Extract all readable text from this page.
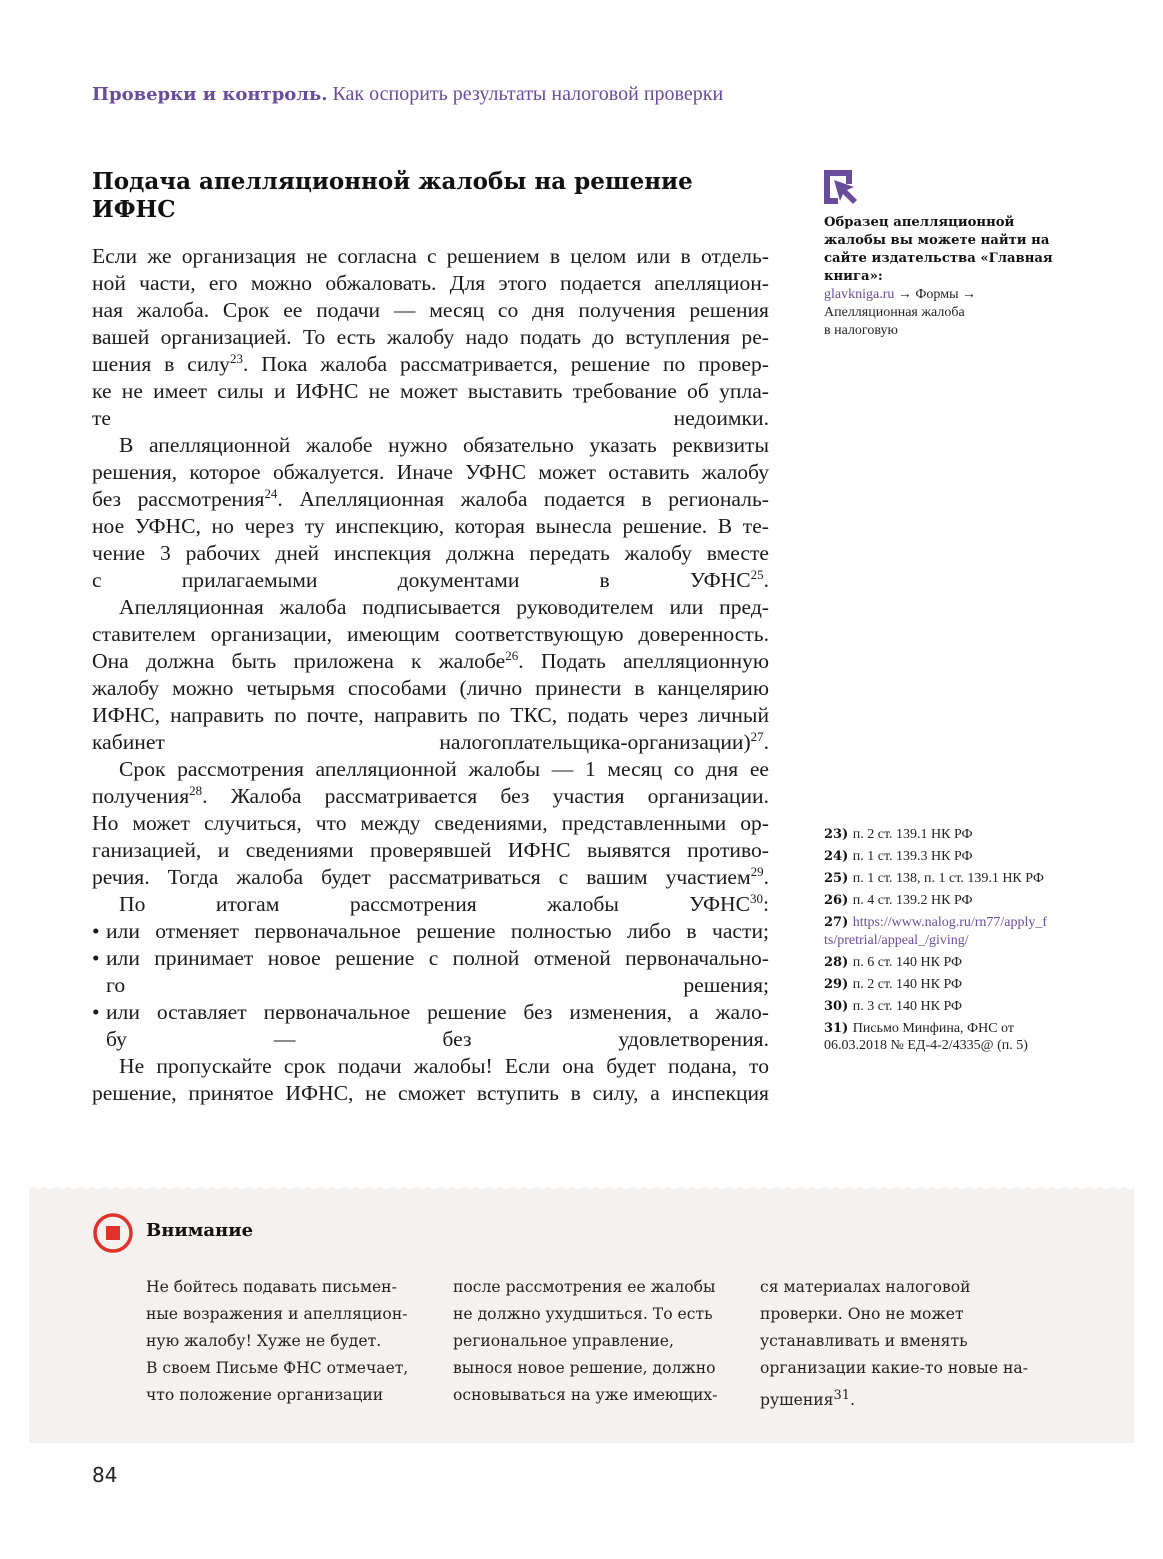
Проверки и контроль. Как оспорить результаты налоговой проверки
Подача апелляционной жалобы на решение
ИФНС
Если же организация не согласна с решением в целом или в отдель-
ной части, его можно обжаловать. Для этого подается апелляцион-
ная жалоба. Срок ее подачи — месяц со дня получения решения
вашей организацией. То есть жалобу надо подать до вступления ре-
шения в силу$^{23}$. Пока жалоба рассматривается, решение по провер-
ке не имеет силы и ИФНС не может выставить требование об упла-
те недоимки.
В апелляционной жалобе нужно обязательно указать реквизиты
решения, которое обжалуется. Иначе УФНС может оставить жалобу
без рассмотрения$^{24}$. Апелляционная жалоба подается в региональ-
ное УФНС, но через ту инспекцию, которая вынесла решение. В те-
чение 3 рабочих дней инспекция должна передать жалобу вместе
с прилагаемыми документами в УФНС$^{25}$.
Апелляционная жалоба подписывается руководителем или пред-
ставителем организации, имеющим соответствующую доверенность.
Она должна быть приложена к жалобе$^{26}$. Подать апелляционную
жалобу можно четырьмя способами (лично принести в канцелярию
ИФНС, направить по почте, направить по ТКС, подать через личный
кабинет налогоплательщика-организации)$^{27}$.
Срок рассмотрения апелляционной жалобы — 1 месяц со дня ее
получения$^{28}$. Жалоба рассматривается без участия организации.
Но может случиться, что между сведениями, представленными ор-
ганизацией, и сведениями проверявшей ИФНС выявятся противо-
речия. Тогда жалоба будет рассматриваться с вашим участием$^{29}$.
По итогам рассмотрения жалобы УФНС$^{30}$:
• или отменяет первоначальное решение полностью либо в части;
• или принимает новое решение с полной отменой первоначально-
го решения;
• или оставляет первоначальное решение без изменения, а жало-
бу — без удовлетворения.
Не пропускайте срок подачи жалобы! Если она будет подана, то
решение, принятое ИФНС, не сможет вступить в силу, а инспекция
Образец апелляционной жалобы вы можете найти на сайте издательства «Главная книга»:
glavkniga.ru → Формы →
Апелляционная жалоба
в налоговую
23) п. 2 ст. 139.1 НК РФ
24) п. 1 ст. 139.3 НК РФ
25) п. 1 ст. 138, п. 1 ст. 139.1 НК РФ
26) п. 4 ст. 139.2 НК РФ
27) https://www.nalog.ru/rn77/apply_fts/pretrial/appeal_/giving/
28) п. 6 ст. 140 НК РФ
29) п. 2 ст. 140 НК РФ
30) п. 3 ст. 140 НК РФ
31) Письмо Минфина, ФНС от 06.03.2018 № ЕД-4-2/4335@ (п. 5)
Внимание
Не бойтесь подавать письмен-
ные возражения и апелляцион-
ную жалобу! Хуже не будет.
В своем Письме ФНС отмечает,
что положение организации
после рассмотрения ее жалобы
не должно ухудшиться. То есть
региональное управление,
вынося новое решение, должно
основываться на уже имеющих-
ся материалах налоговой
проверки. Оно не может
устанавливать и вменять
организации какие-то новые на-
рушения$^{31}$.
84
